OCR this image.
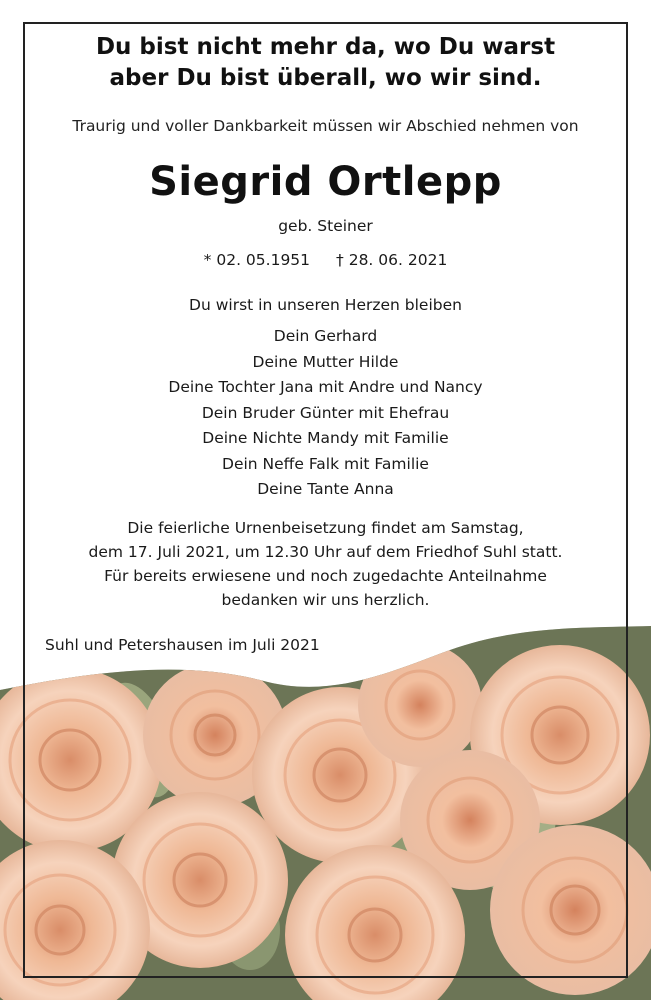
Du bist nicht mehr da, wo Du warst
aber Du bist überall, wo wir sind.
Traurig und voller Dankbarkeit müssen wir Abschied nehmen von
Siegrid Ortlepp
geb. Steiner
* 02. 05.1951 † 28. 06. 2021
Du wirst in unseren Herzen bleiben
Dein Gerhard
Deine Mutter Hilde
Deine Tochter Jana mit Andre und Nancy
Dein Bruder Günter mit Ehefrau
Deine Nichte Mandy mit Familie
Dein Neffe Falk mit Familie
Deine Tante Anna
Die feierliche Urnenbeisetzung findet am Samstag,
dem 17. Juli 2021, um 12.30 Uhr auf dem Friedhof Suhl statt.
Für bereits erwiesene und noch zugedachte Anteilnahme
bedanken wir uns herzlich.
Suhl und Petershausen im Juli 2021
